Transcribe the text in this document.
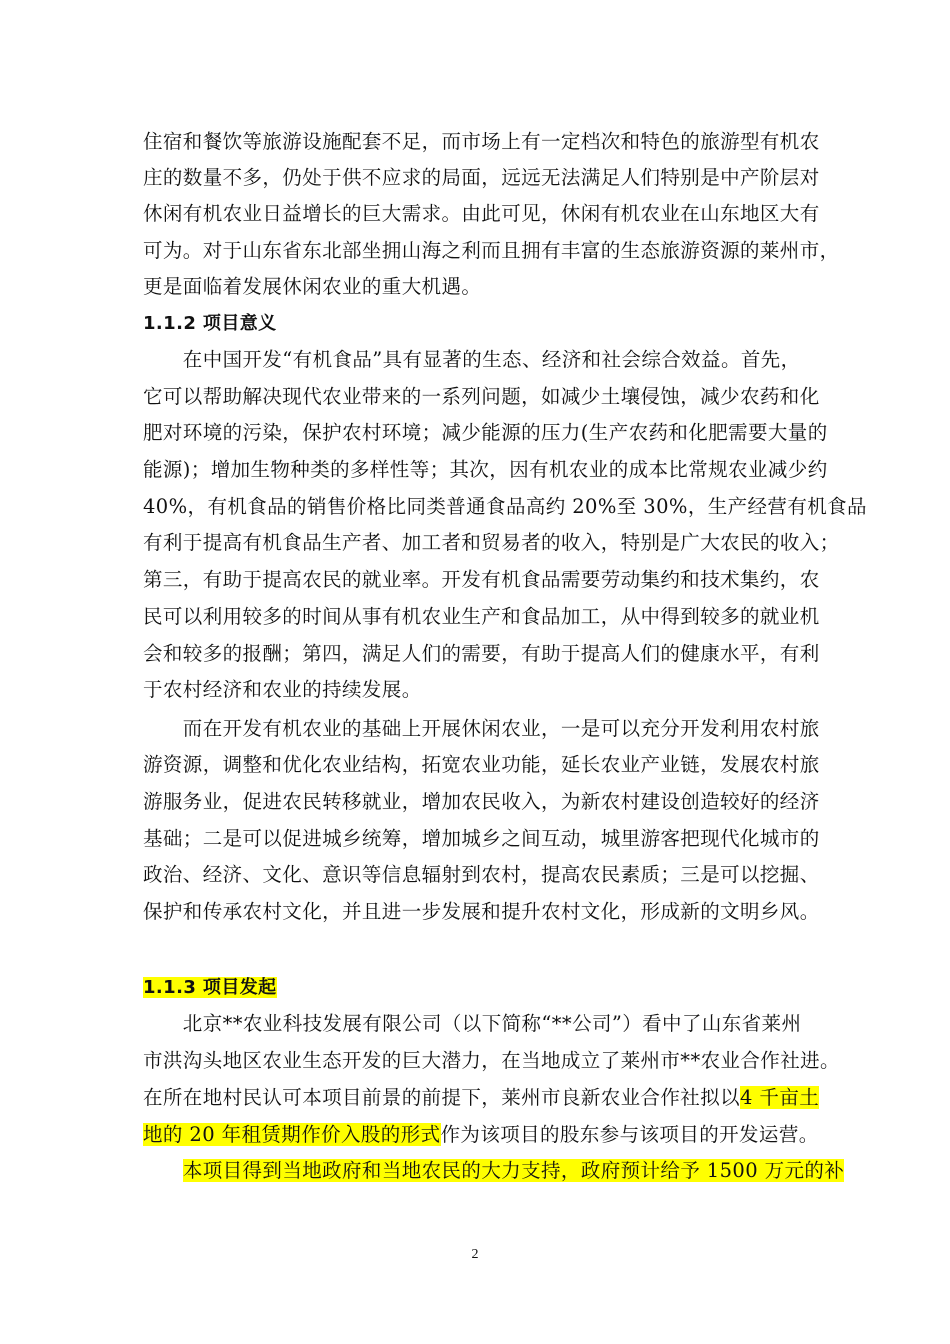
住宿和餐饮等旅游设施配套不足，而市场上有一定档次和特色的旅游型有机农
庄的数量不多，仍处于供不应求的局面，远远无法满足人们特别是中产阶层对
休闲有机农业日益增长的巨大需求。由此可见，休闲有机农业在山东地区大有
可为。对于山东省东北部坐拥山海之利而且拥有丰富的生态旅游资源的莱州市，
更是面临着发展休闲农业的重大机遇。
1.1.2 项目意义
　　在中国开发“有机食品”具有显著的生态、经济和社会综合效益。首先，
它可以帮助解决现代农业带来的一系列问题，如减少土壤侵蚀，减少农药和化
肥对环境的污染，保护农村环境；减少能源的压力(生产农药和化肥需要大量的
能源)；增加生物种类的多样性等；其次，因有机农业的成本比常规农业减少约
40%，有机食品的销售价格比同类普通食品高约 20%至 30%，生产经营有机食品
有利于提高有机食品生产者、加工者和贸易者的收入，特别是广大农民的收入；
第三，有助于提高农民的就业率。开发有机食品需要劳动集约和技术集约，农
民可以利用较多的时间从事有机农业生产和食品加工，从中得到较多的就业机
会和较多的报酬；第四，满足人们的需要，有助于提高人们的健康水平，有利
于农村经济和农业的持续发展。
　　而在开发有机农业的基础上开展休闲农业，一是可以充分开发利用农村旅
游资源，调整和优化农业结构，拓宽农业功能，延长农业产业链，发展农村旅
游服务业，促进农民转移就业，增加农民收入，为新农村建设创造较好的经济
基础；二是可以促进城乡统筹，增加城乡之间互动，城里游客把现代化城市的
政治、经济、文化、意识等信息辐射到农村，提高农民素质；三是可以挖掘、
保护和传承农村文化，并且进一步发展和提升农村文化，形成新的文明乡风。
1.1.3 项目发起
　　北京**农业科技发展有限公司（以下简称“**公司”）看中了山东省莱州
市洪沟头地区农业生态开发的巨大潜力，在当地成立了莱州市**农业合作社进。
在所在地村民认可本项目前景的前提下，莱州市良新农业合作社拟以4 千亩土
地的 20 年租赁期作价入股的形式作为该项目的股东参与该项目的开发运营。
　　本项目得到当地政府和当地农民的大力支持，政府预计给予 1500 万元的补
2
